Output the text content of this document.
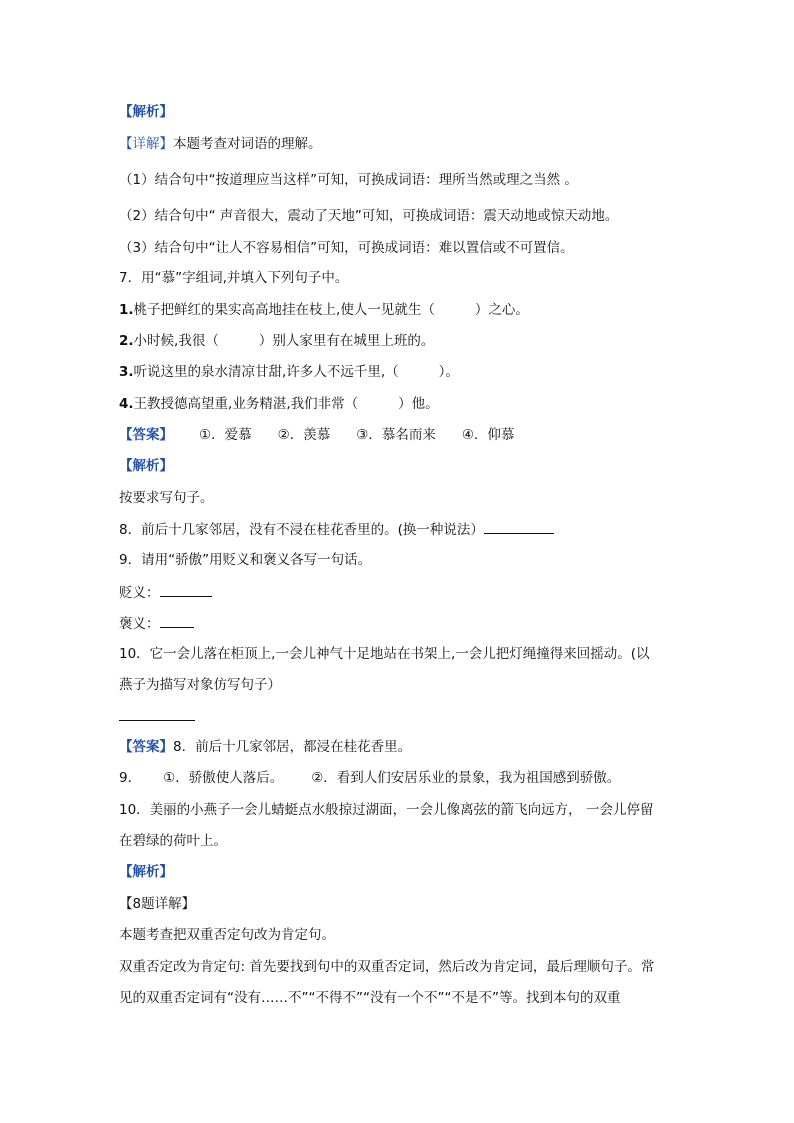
【解析】
【详解】本题考查对词语的理解。
（1）结合句中“按道理应当这样”可知，可换成词语：理所当然或理之当然 。
（2）结合句中“ 声音很大，震动了天地”可知，可换成词语：震天动地或惊天动地。
（3）结合句中“让人不容易相信”可知，可换成词语：难以置信或不可置信。
7．用“慕”字组词,并填入下列句子中。
1.桃子把鲜红的果实高高地挂在枝上,使人一见就生（	）之心。
2.小时候,我很（	）别人家里有在城里上班的。
3.听说这里的泉水清凉甘甜,许多人不远千里,（	）。
4.王教授德高望重,业务精湛,我们非常（	）他。
【答案】 ①．爱慕 ②．羡慕 ③．慕名而来 ④．仰慕
【解析】
按要求写句子。
8．前后十几家邻居，没有不浸在桂花香里的。(换一种说法）
9．请用“骄傲”用贬义和褒义各写一句话。
贬义：
褒义：
10．它一会儿落在柜顶上,一会儿神气十足地站在书架上,一会儿把灯绳撞得来回摇动。(以
燕子为描写对象仿写句子）
【答案】8．前后十几家邻居，都浸在桂花香里。
9． ①．骄傲使人落后。 ②．看到人们安居乐业的景象，我为祖国感到骄傲。
10．美丽的小燕子一会儿蜻蜓点水般掠过湖面，一会儿像离弦的箭飞向远方， 一会儿停留
在碧绿的荷叶上。
【解析】
【8题详解】
本题考查把双重否定句改为肯定句。
双重否定改为肯定句: 首先要找到句中的双重否定词，然后改为肯定词，最后理顺句子。常
见的双重否定词有“没有……不”“不得不”“没有一个不”“不是不”等。找到本句的双重
